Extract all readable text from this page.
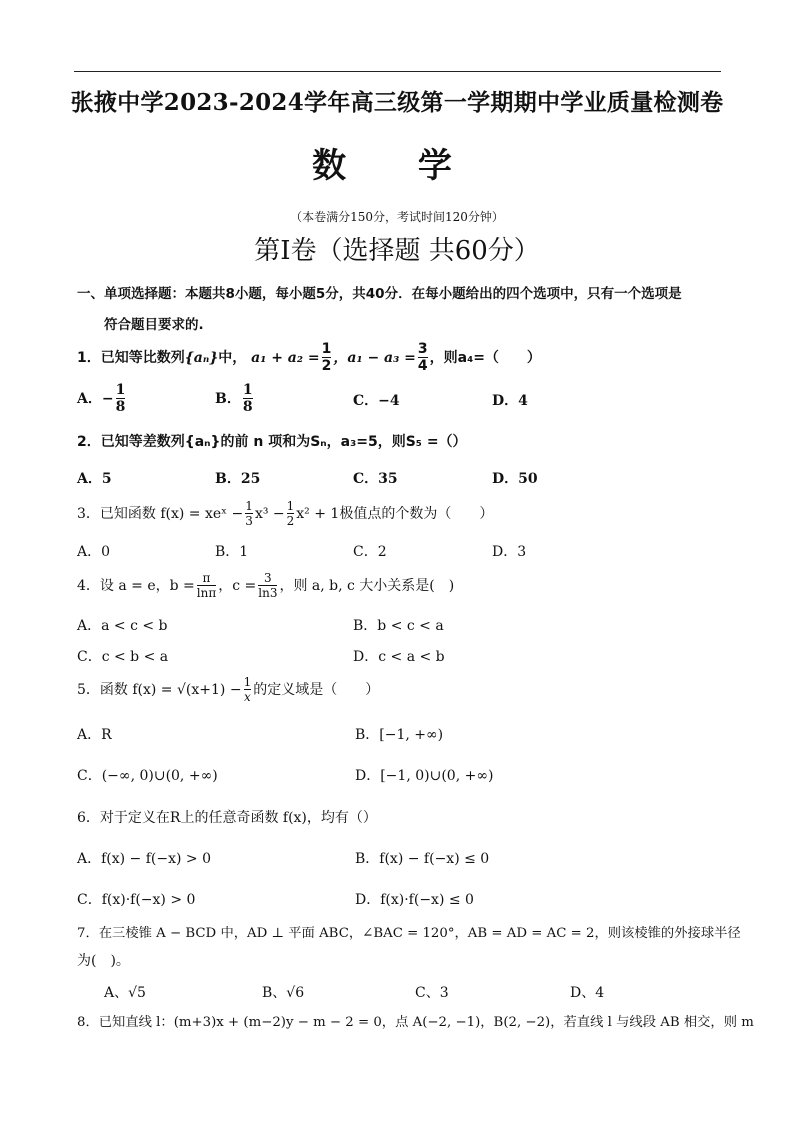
张掖中学2023-2024学年高三级第一学期期中学业质量检测卷
数 学
（本卷满分150分，考试时间120分钟）
第Ⅰ卷（选择题 共60分）
一、单项选择题：本题共8小题，每小题5分，共40分．在每小题给出的四个选项中，只有一个选项是
符合题目要求的.
1．已知等比数列{aₙ}中， $a_1 + a_2 = \frac{1}{2}$ ，$a_1 - a_3 = \frac{3}{4}$ ，则a₄=（　　）
A．− $\frac{1}{8}$	B． $\frac{1}{8}$	C．−4	D．4
2．已知等差数列{aₙ}的前 n 项和为Sₙ，a₃=5，则S₅ =（）
A．5	B．25	C．35	D．50
3．已知函数 f(x) = xeˣ − $\frac{1}{3} x^3 - \frac{1}{2} x^2 + 1$极值点的个数为（　　）
A．0	B．1	C．2	D．3
4．设 a = e，$b = \frac{\pi}{\ln\pi}$ ，$c = \frac{3}{\ln 3}$ ，则 a, b, c 大小关系是(　)
A．a < c < b	B．b < c < a
C．c < b < a	D．c < a < b
5．函数 $f(x) = √(x+1) - \frac{1}{x}$ 的定义域是（　　）
A．R	B．[−1, +∞)
C．(−∞, 0)∪(0, +∞)	D．[−1, 0)∪(0, +∞)
6．对于定义在R上的任意奇函数 f(x)，均有（）
A．f(x) − f(−x) > 0	B．f(x) − f(−x) ≤ 0
C．f(x)·f(−x) > 0	D．f(x)·f(−x) ≤ 0
7．在三棱锥 A − BCD 中，AD ⊥ 平面 ABC，∠BAC = 120°，AB = AD = AC = 2，则该棱锥的外接球半径
为(　)。
A、√5	B、√6	C、3	D、4
8．已知直线 l：(m+3)x + (m−2)y − m − 2 = 0，点 A(−2, −1)，B(2, −2)，若直线 l 与线段 AB 相交，则 m
